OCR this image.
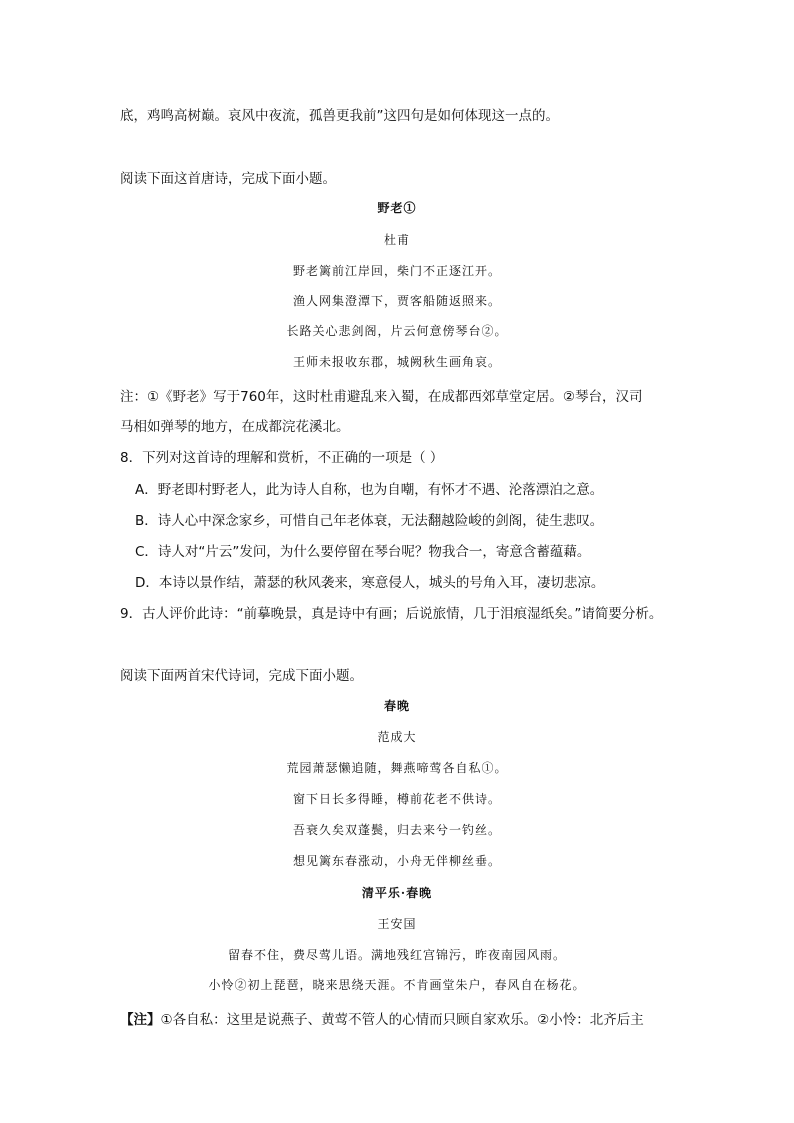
底，鸡鸣高树巅。哀风中夜流，孤兽更我前”这四句是如何体现这一点的。
阅读下面这首唐诗，完成下面小题。
野老①
杜甫
野老篱前江岸回，柴门不正逐江开。
渔人网集澄潭下，贾客船随返照来。
长路关心悲剑阁，片云何意傍琴台②。
王师未报收东郡，城阙秋生画角哀。
注：①《野老》写于760年，这时杜甫避乱来入蜀，在成都西郊草堂定居。②琴台，汉司
马相如弹琴的地方，在成都浣花溪北。
8．下列对这首诗的理解和赏析，不正确的一项是（ ）
A．野老即村野老人，此为诗人自称，也为自嘲，有怀才不遇、沦落漂泊之意。
B．诗人心中深念家乡，可惜自己年老体衰，无法翻越险峻的剑阁，徒生悲叹。
C．诗人对“片云”发问，为什么要停留在琴台呢？物我合一，寄意含蓄蕴藉。
D．本诗以景作结，萧瑟的秋风袭来，寒意侵人，城头的号角入耳，凄切悲凉。
9．古人评价此诗：“前摹晚景，真是诗中有画；后说旅情，几于泪痕湿纸矣。”请简要分析。
阅读下面两首宋代诗词，完成下面小题。
春晚
范成大
荒园萧瑟懒追随，舞燕啼莺各自私①。
窗下日长多得睡，樽前花老不供诗。
吾衰久矣双蓬鬓，归去来兮一钓丝。
想见篱东春涨动，小舟无伴柳丝垂。
清平乐·春晚
王安国
留春不住，费尽莺儿语。满地残红宫锦污，昨夜南园风雨。
小怜②初上琵琶，晓来思绕天涯。不肯画堂朱户，春风自在杨花。
【注】①各自私：这里是说燕子、黄莺不管人的心情而只顾自家欢乐。②小怜：北齐后主
